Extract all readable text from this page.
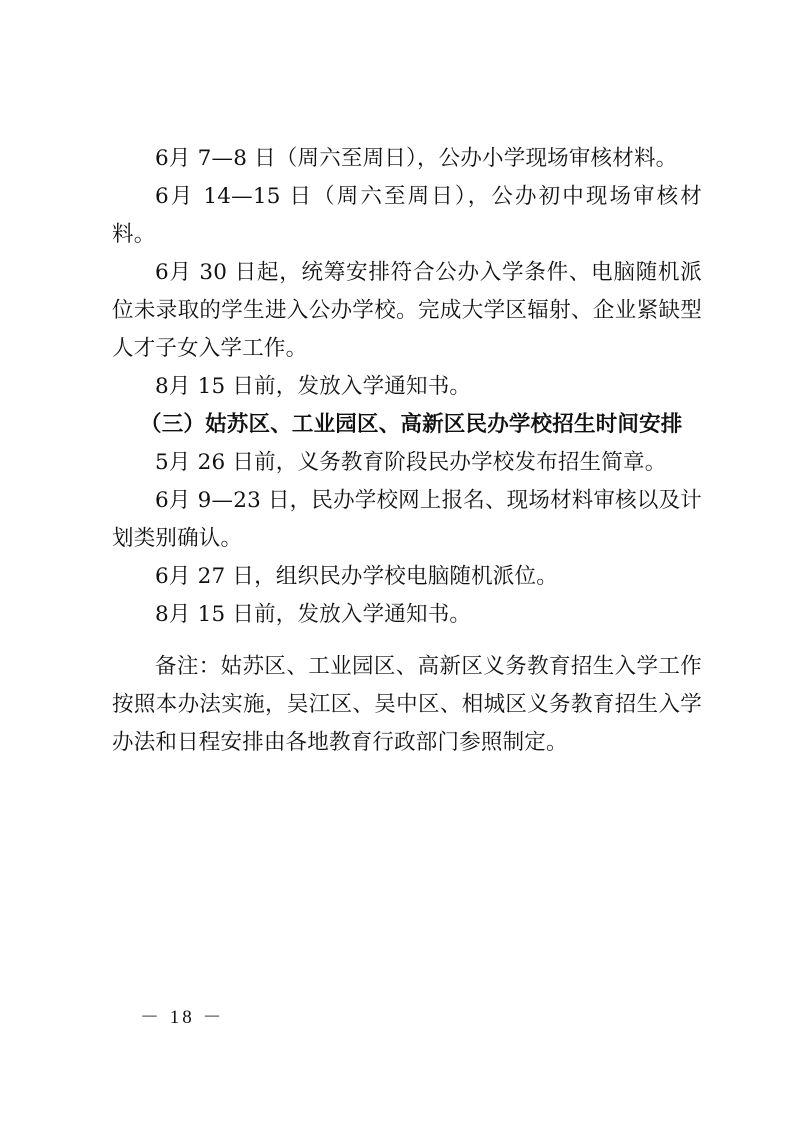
6月 7—8 日（周六至周日），公办小学现场审核材料。

6月 14—15 日（周六至周日），公办初中现场审核材料。

6月 30 日起，统筹安排符合公办入学条件、电脑随机派位未录取的学生进入公办学校。完成大学区辐射、企业紧缺型人才子女入学工作。

8月 15 日前，发放入学通知书。

（三）姑苏区、工业园区、高新区民办学校招生时间安排

5月 26 日前，义务教育阶段民办学校发布招生简章。

6月 9—23 日，民办学校网上报名、现场材料审核以及计划类别确认。

6月 27 日，组织民办学校电脑随机派位。

8月 15 日前，发放入学通知书。

备注：姑苏区、工业园区、高新区义务教育招生入学工作按照本办法实施，吴江区、吴中区、相城区义务教育招生入学办法和日程安排由各地教育行政部门参照制定。

－ 18 －
